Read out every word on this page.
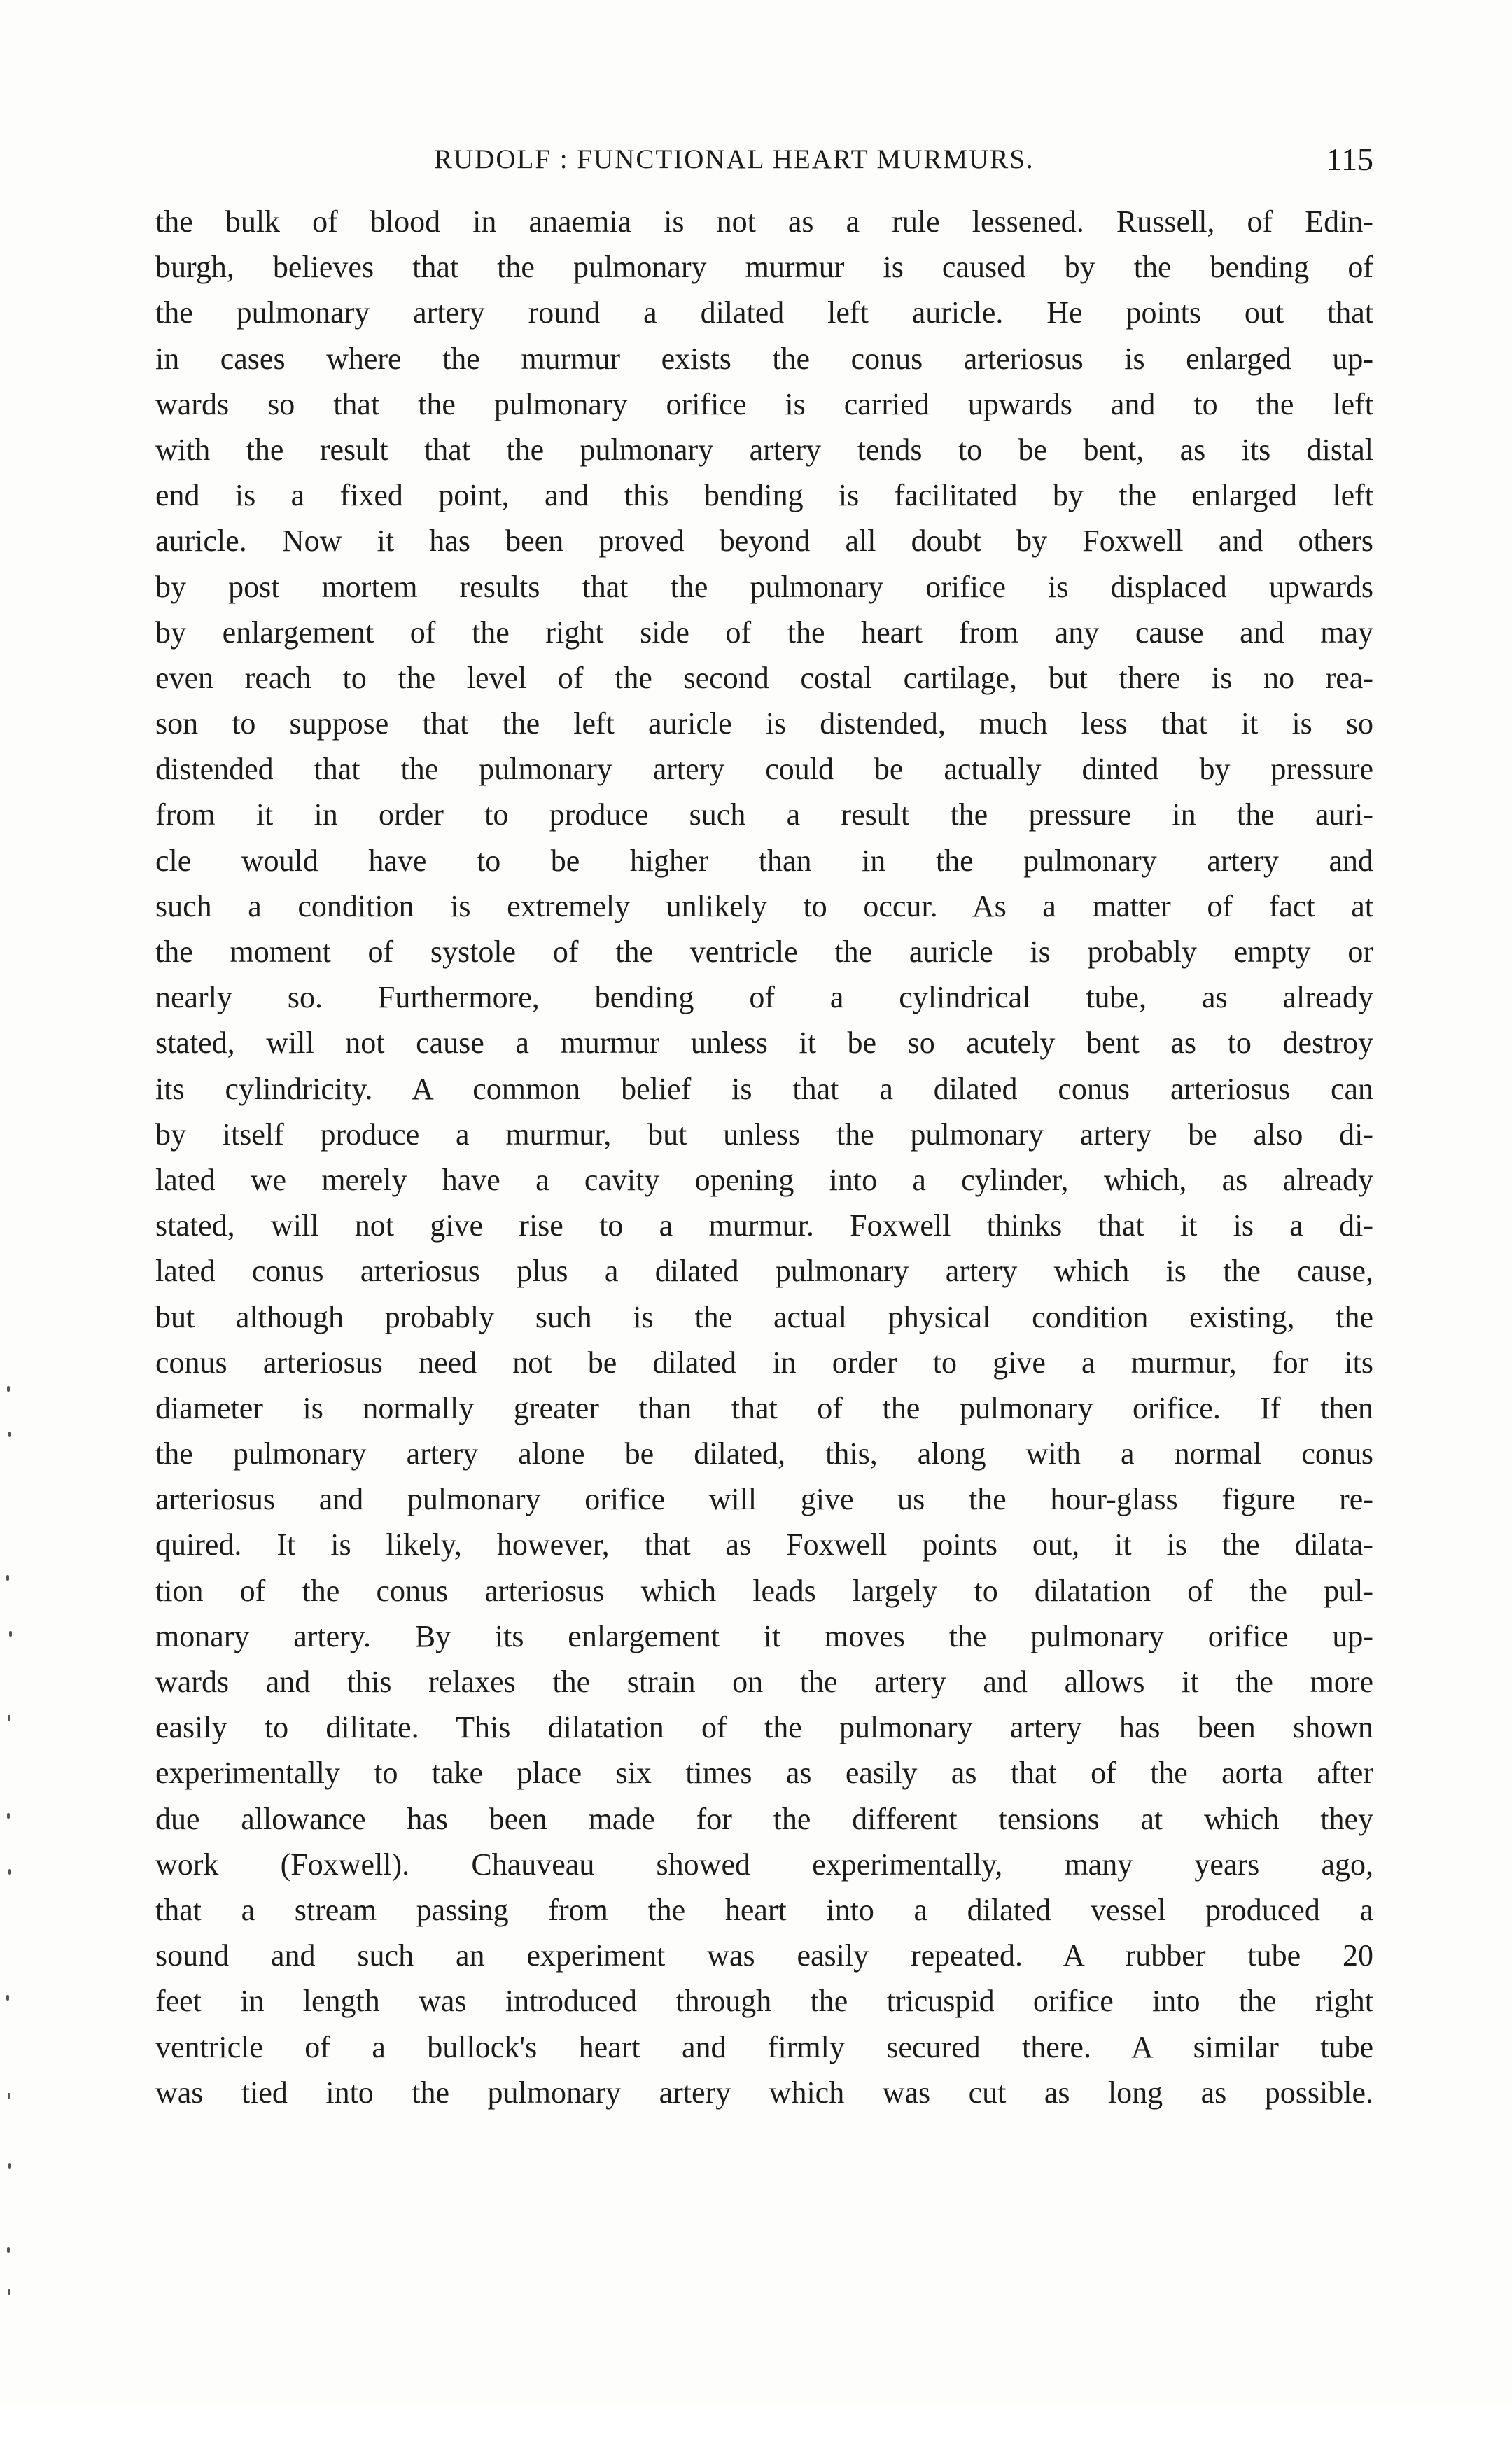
RUDOLF : FUNCTIONAL HEART MURMURS.	115
the bulk of blood in anaemia is not as a rule lessened. Russell, of Edin-
burgh, believes that the pulmonary murmur is caused by the bending of
the pulmonary artery round a dilated left auricle. He points out that
in cases where the murmur exists the conus arteriosus is enlarged up-
wards so that the pulmonary orifice is carried upwards and to the left
with the result that the pulmonary artery tends to be bent, as its distal
end is a fixed point, and this bending is facilitated by the enlarged left
auricle. Now it has been proved beyond all doubt by Foxwell and others
by post mortem results that the pulmonary orifice is displaced upwards
by enlargement of the right side of the heart from any cause and may
even reach to the level of the second costal cartilage, but there is no rea-
son to suppose that the left auricle is distended, much less that it is so
distended that the pulmonary artery could be actually dinted by pressure
from it in order to produce such a result the pressure in the auri-
cle would have to be higher than in the pulmonary artery and
such a condition is extremely unlikely to occur. As a matter of fact at
the moment of systole of the ventricle the auricle is probably empty or
nearly so. Furthermore, bending of a cylindrical tube, as already
stated, will not cause a murmur unless it be so acutely bent as to destroy
its cylindricity. A common belief is that a dilated conus arteriosus can
by itself produce a murmur, but unless the pulmonary artery be also di-
lated we merely have a cavity opening into a cylinder, which, as already
stated, will not give rise to a murmur. Foxwell thinks that it is a di-
lated conus arteriosus plus a dilated pulmonary artery which is the cause,
but although probably such is the actual physical condition existing, the
conus arteriosus need not be dilated in order to give a murmur, for its
diameter is normally greater than that of the pulmonary orifice. If then
the pulmonary artery alone be dilated, this, along with a normal conus
arteriosus and pulmonary orifice will give us the hour-glass figure re-
quired. It is likely, however, that as Foxwell points out, it is the dilata-
tion of the conus arteriosus which leads largely to dilatation of the pul-
monary artery. By its enlargement it moves the pulmonary orifice up-
wards and this relaxes the strain on the artery and allows it the more
easily to dilitate. This dilatation of the pulmonary artery has been shown
experimentally to take place six times as easily as that of the aorta after
due allowance has been made for the different tensions at which they
work (Foxwell). Chauveau showed experimentally, many years ago,
that a stream passing from the heart into a dilated vessel produced a
sound and such an experiment was easily repeated. A rubber tube 20
feet in length was introduced through the tricuspid orifice into the right
ventricle of a bullock's heart and firmly secured there. A similar tube
was tied into the pulmonary artery which was cut as long as possible.
